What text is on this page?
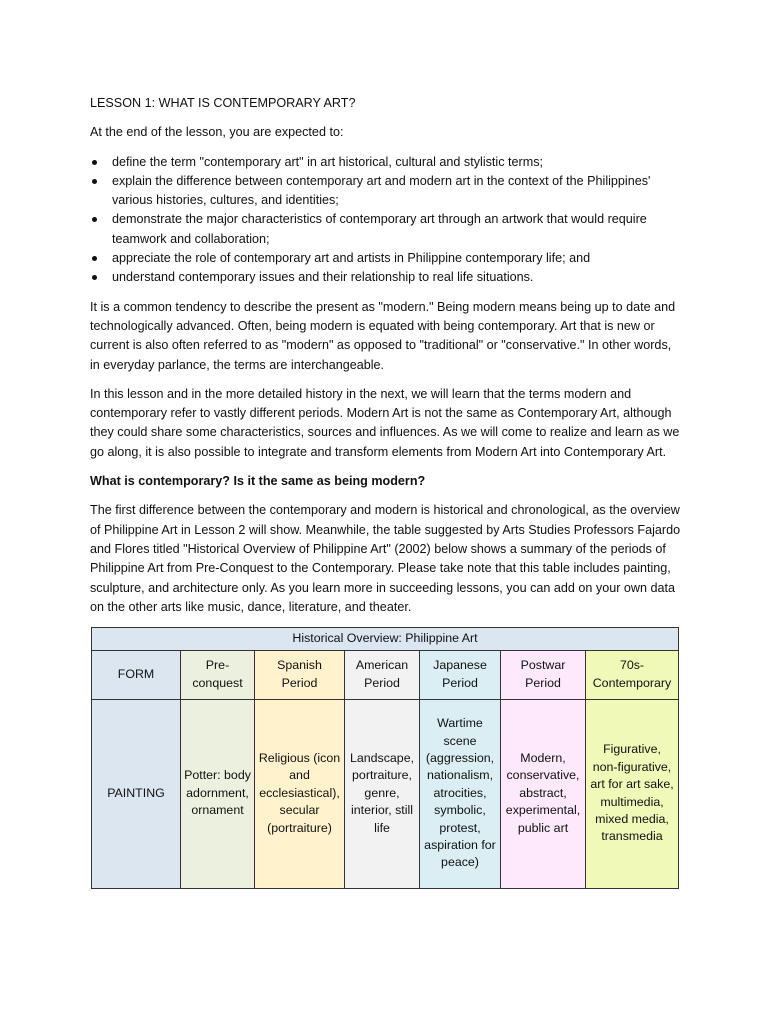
LESSON 1: WHAT IS CONTEMPORARY ART?

At the end of the lesson, you are expected to:

define the term "contemporary art" in art historical, cultural and stylistic terms;
explain the difference between contemporary art and modern art in the context of the Philippines' various histories, cultures, and identities;
demonstrate the major characteristics of contemporary art through an artwork that would require teamwork and collaboration;
appreciate the role of contemporary art and artists in Philippine contemporary life; and
understand contemporary issues and their relationship to real life situations.

It is a common tendency to describe the present as "modern." Being modern means being up to date and technologically advanced. Often, being modern is equated with being contemporary. Art that is new or current is also often referred to as "modern" as opposed to "traditional" or "conservative." In other words, in everyday parlance, the terms are interchangeable.

In this lesson and in the more detailed history in the next, we will learn that the terms modern and contemporary refer to vastly different periods. Modern Art is not the same as Contemporary Art, although they could share some characteristics, sources and influences. As we will come to realize and learn as we go along, it is also possible to integrate and transform elements from Modern Art into Contemporary Art.

What is contemporary? Is it the same as being modern?

The first difference between the contemporary and modern is historical and chronological, as the overview of Philippine Art in Lesson 2 will show. Meanwhile, the table suggested by Arts Studies Professors Fajardo and Flores titled "Historical Overview of Philippine Art" (2002) below shows a summary of the periods of Philippine Art from Pre-Conquest to the Contemporary. Please take note that this table includes painting, sculpture, and architecture only. As you learn more in succeeding lessons, you can add on your own data on the other arts like music, dance, literature, and theater.

Historical Overview: Philippine Art						
FORM	Pre-conquest	Spanish Period	American Period	Japanese Period	Postwar Period	70s-Contemporary
PAINTING	Potter: body adornment, ornament	Religious (icon and ecclesiastical), secular (portraiture)	Landscape, portraiture, genre, interior, still life	Wartime scene (aggression, nationalism, atrocities, symbolic, protest, aspiration for peace)	Modern, conservative, abstract, experimental, public art	Figurative, non-figurative, art for art sake, multimedia, mixed media, transmedia
